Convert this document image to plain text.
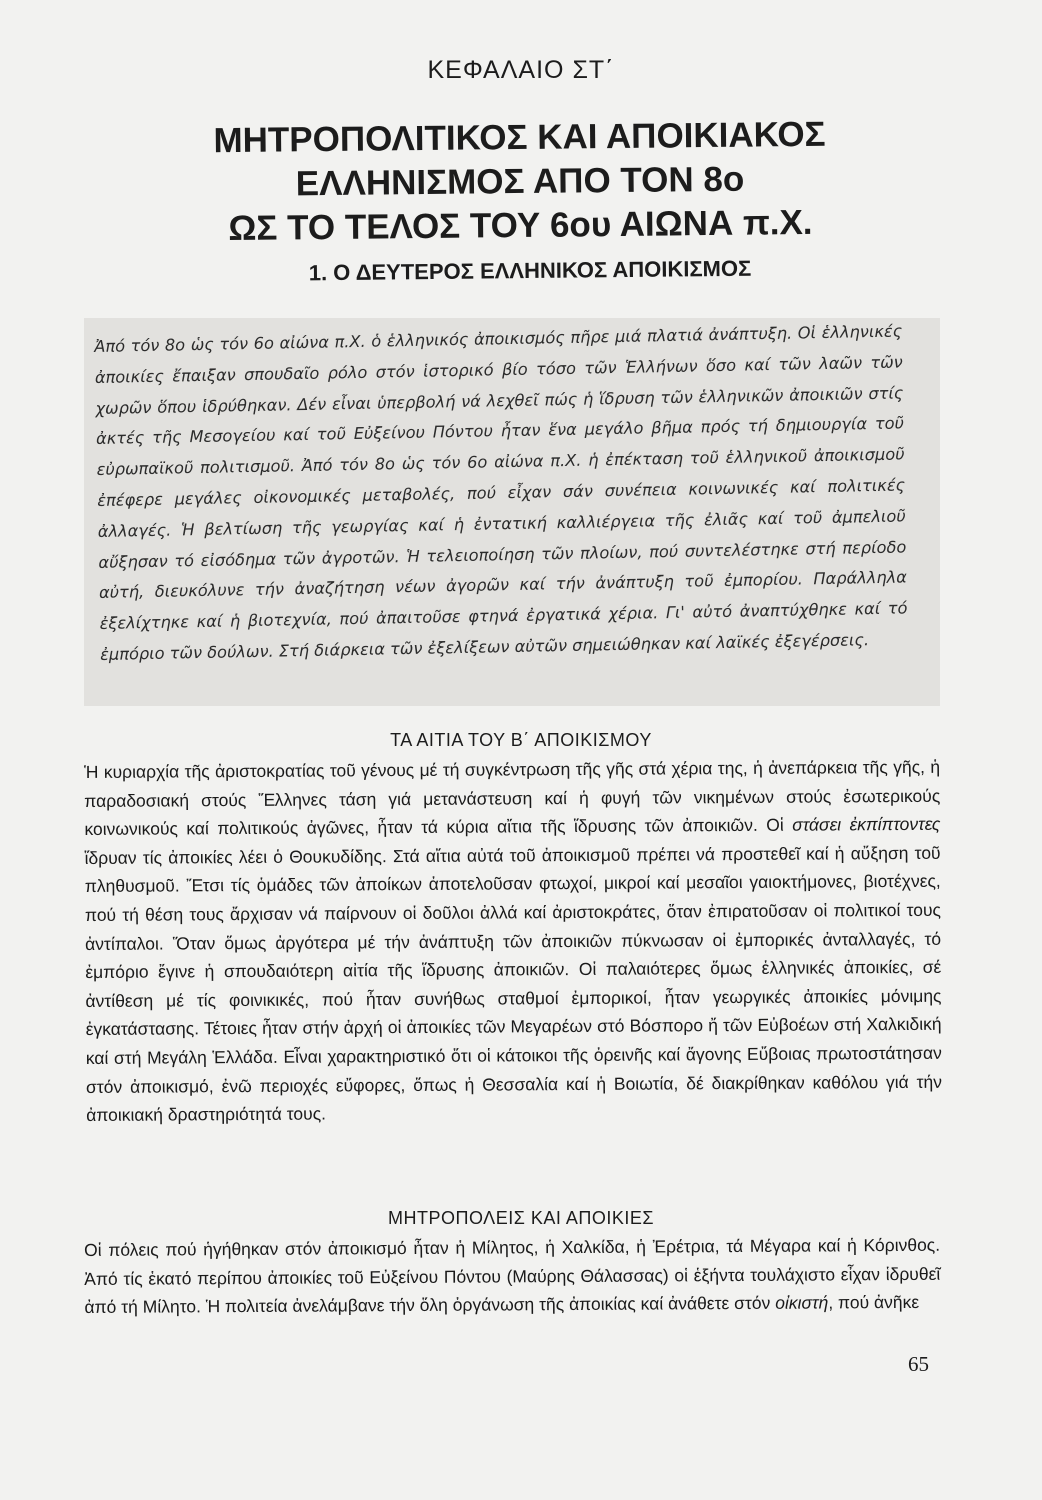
ΚΕΦΑΛΑΙΟ ΣΤ΄
ΜΗΤΡΟΠΟΛΙΤΙΚΟΣ ΚΑΙ ΑΠΟΙΚΙΑΚΟΣ
ΕΛΛΗΝΙΣΜΟΣ ΑΠΟ ΤΟΝ 8ο
ΩΣ ΤΟ ΤΕΛΟΣ ΤΟΥ 6ου ΑΙΩΝΑ π.Χ.
1. Ο ΔΕΥΤΕΡΟΣ ΕΛΛΗΝΙΚΟΣ ΑΠΟΙΚΙΣΜΟΣ
Ἀπό τόν 8ο ὡς τόν 6ο αἰώνα π.Χ. ὁ ἑλληνικός ἀποικισμός πῆρε μιά πλατιά ἀνάπτυξη. Οἱ ἑλληνικές ἀποικίες ἔπαιξαν σπουδαῖο ρόλο στόν ἱστορικό βίο τόσο τῶν Ἑλλήνων ὅσο καί τῶν λαῶν τῶν χωρῶν ὅπου ἱδρύθηκαν. Δέν εἶναι ὑπερβολή νά λεχθεῖ πώς ἡ ἵδρυση τῶν ἑλληνικῶν ἀποικιῶν στίς ἀκτές τῆς Μεσογείου καί τοῦ Εὐξείνου Πόντου ἦταν ἕνα μεγάλο βῆμα πρός τή δημιουργία τοῦ εὐρωπαϊκοῦ πολιτισμοῦ. Ἀπό τόν 8ο ὡς τόν 6ο αἰώνα π.Χ. ἡ ἐπέκταση τοῦ ἑλληνικοῦ ἀποικισμοῦ ἐπέφερε μεγάλες οἰκονομικές μεταβολές, πού εἶχαν σάν συνέπεια κοινωνικές καί πολιτικές ἀλλαγές. Ἡ βελτίωση τῆς γεωργίας καί ἡ ἐντατική καλλιέργεια τῆς ἐλιᾶς καί τοῦ ἀμπελιοῦ αὔξησαν τό εἰσόδημα τῶν ἀγροτῶν. Ἡ τελειοποίηση τῶν πλοίων, πού συντελέστηκε στή περίοδο αὐτή, διευκόλυνε τήν ἀναζήτηση νέων ἀγορῶν καί τήν ἀνάπτυξη τοῦ ἐμπορίου. Παράλληλα ἐξελίχτηκε καί ἡ βιοτεχνία, πού ἀπαιτοῦσε φτηνά ἐργατικά χέρια. Γι' αὐτό ἀναπτύχθηκε καί τό ἐμπόριο τῶν δούλων. Στή διάρκεια τῶν ἐξελίξεων αὐτῶν σημειώθηκαν καί λαϊκές ἐξεγέρσεις.
ΤΑ ΑΙΤΙΑ ΤΟΥ Β΄ ΑΠΟΙΚΙΣΜΟΥ
Ἡ κυριαρχία τῆς ἀριστοκρατίας τοῦ γένους μέ τή συγκέντρωση τῆς γῆς στά χέρια της, ἡ ἀνεπάρκεια τῆς γῆς, ἡ παραδοσιακή στούς Ἕλληνες τάση γιά μετανάστευση καί ἡ φυγή τῶν νικημένων στούς ἐσωτερικούς κοινωνικούς καί πολιτικούς ἀγῶνες, ἦταν τά κύρια αἴτια τῆς ἵδρυσης τῶν ἀποικιῶν. Οἱ στάσει ἐκπίπτοντες ἵδρυαν τίς ἀποικίες λέει ὁ Θουκυδίδης. Στά αἴτια αὐτά τοῦ ἀποικισμοῦ πρέπει νά προστεθεῖ καί ἡ αὔξηση τοῦ πληθυσμοῦ. Ἔτσι τίς ὁμάδες τῶν ἀποίκων ἀποτελοῦσαν φτωχοί, μικροί καί μεσαῖοι γαιοκτήμονες, βιοτέχνες, πού τή θέση τους ἄρχισαν νά παίρνουν οἱ δοῦλοι ἀλλά καί ἀριστοκράτες, ὅταν ἐπιρατοῦσαν οἱ πολιτικοί τους ἀντίπαλοι. Ὅταν ὅμως ἀργότερα μέ τήν ἀνάπτυξη τῶν ἀποικιῶν πύκνωσαν οἱ ἐμπορικές ἀνταλλαγές, τό ἐμπόριο ἔγινε ἡ σπουδαιότερη αἰτία τῆς ἵδρυσης ἀποικιῶν. Οἱ παλαιότερες ὅμως ἑλληνικές ἀποικίες, σέ ἀντίθεση μέ τίς φοινικικές, πού ἦταν συνήθως σταθμοί ἐμπορικοί, ἦταν γεωργικές ἀποικίες μόνιμης ἐγκατάστασης. Τέτοιες ἦταν στήν ἀρχή οἱ ἀποικίες τῶν Μεγαρέων στό Βόσπορο ἤ τῶν Εὐβοέων στή Χαλκιδική καί στή Μεγάλη Ἑλλάδα. Εἶναι χαρακτηριστικό ὅτι οἱ κάτοικοι τῆς ὀρεινῆς καί ἄγονης Εὔβοιας πρωτοστάτησαν στόν ἀποικισμό, ἐνῶ περιοχές εὔφορες, ὅπως ἡ Θεσσαλία καί ἡ Βοιωτία, δέ διακρίθηκαν καθόλου γιά τήν ἀποικιακή δραστηριότητά τους.
ΜΗΤΡΟΠΟΛΕΙΣ ΚΑΙ ΑΠΟΙΚΙΕΣ
Οἱ πόλεις πού ἡγήθηκαν στόν ἀποικισμό ἦταν ἡ Μίλητος, ἡ Χαλκίδα, ἡ Ἐρέτρια, τά Μέγαρα καί ἡ Κόρινθος. Ἀπό τίς ἑκατό περίπου ἀποικίες τοῦ Εὐξείνου Πόντου (Μαύρης Θάλασσας) οἱ ἑξήντα τουλάχιστο εἶχαν ἱδρυθεῖ ἀπό τή Μίλητο. Ἡ πολιτεία ἀνελάμβανε τήν ὅλη ὀργάνωση τῆς ἀποικίας καί ἀνάθετε στόν οἰκιστή, πού ἀνῆκε
65
